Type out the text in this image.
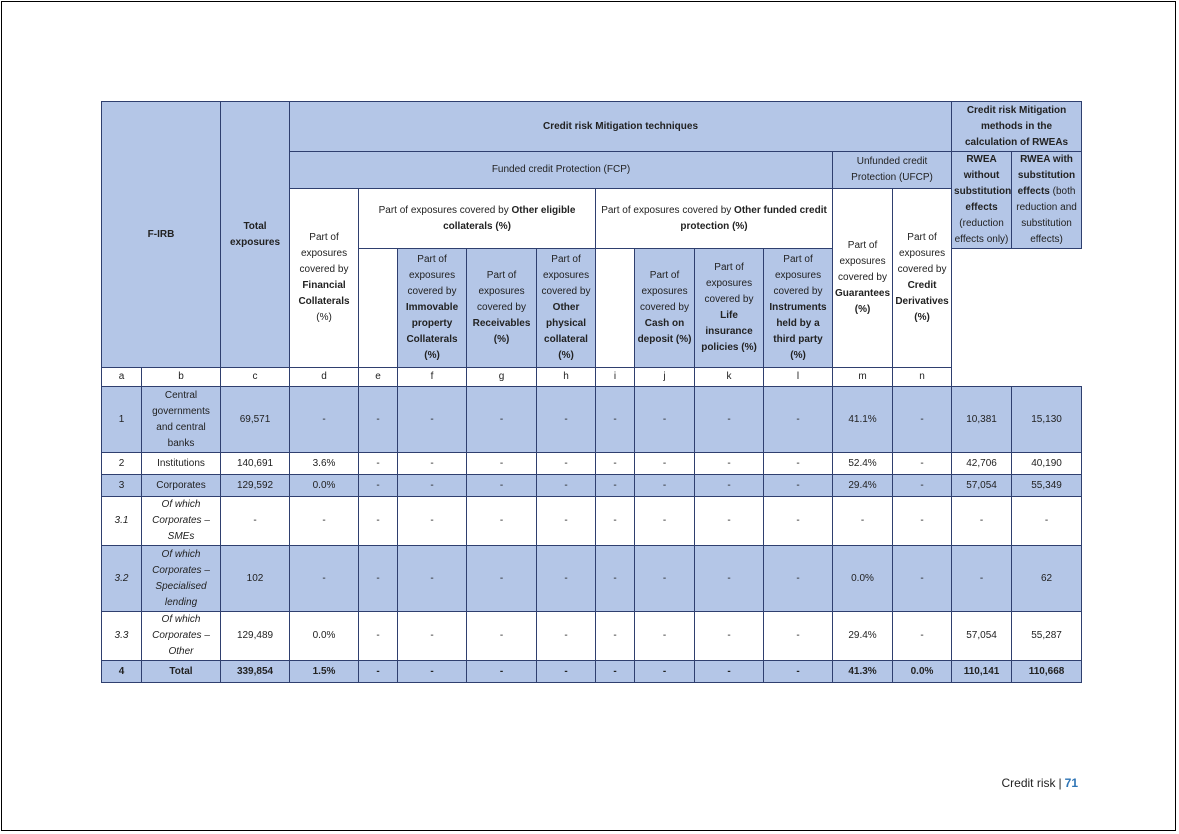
F-IRB		Total exposures	Credit risk Mitigation techniques											Credit risk Mitigation methods in the calculation of RWEAs	
			Funded credit Protection (FCP)									Unfunded credit Protection (UFCP)		RWEA without substitution effects (reduction effects only)	RWEA with substitution effects (both reduction and substitution effects)
			Part of exposures covered by Financial Collaterals (%)	Part of exposures covered by Other eligible collaterals (%)				Part of exposures covered by Other funded credit protection (%)				Part of exposures covered by Guarantees (%)	Part of exposures covered by Credit Derivatives (%)		
					Part of exposures covered by Immovable property Collaterals (%)	Part of exposures covered by Receivables (%)	Part of exposures covered by Other physical collateral (%)		Part of exposures covered by Cash on deposit (%)	Part of exposures covered by Life insurance policies (%)	Part of exposures covered by Instruments held by a third party (%)				
a	b	c	d	e	f	g	h	i	j	k	l	m	n		
1	Central governments and central banks	69,571	-	-	-	-	-	-	-	-	-	41.1%	-	10,381	15,130
2	Institutions	140,691	3.6%	-	-	-	-	-	-	-	-	52.4%	-	42,706	40,190
3	Corporates	129,592	0.0%	-	-	-	-	-	-	-	-	29.4%	-	57,054	55,349
3.1	Of which Corporates – SMEs	-	-	-	-	-	-	-	-	-	-	-	-	-	-
3.2	Of which Corporates – Specialised lending	102	-	-	-	-	-	-	-	-	-	0.0%	-	-	62
3.3	Of which Corporates – Other	129,489	0.0%	-	-	-	-	-	-	-	-	29.4%	-	57,054	55,287
4	Total	339,854	1.5%	-	-	-	-	-	-	-	-	41.3%	0.0%	110,141	110,668
Credit risk | 71
